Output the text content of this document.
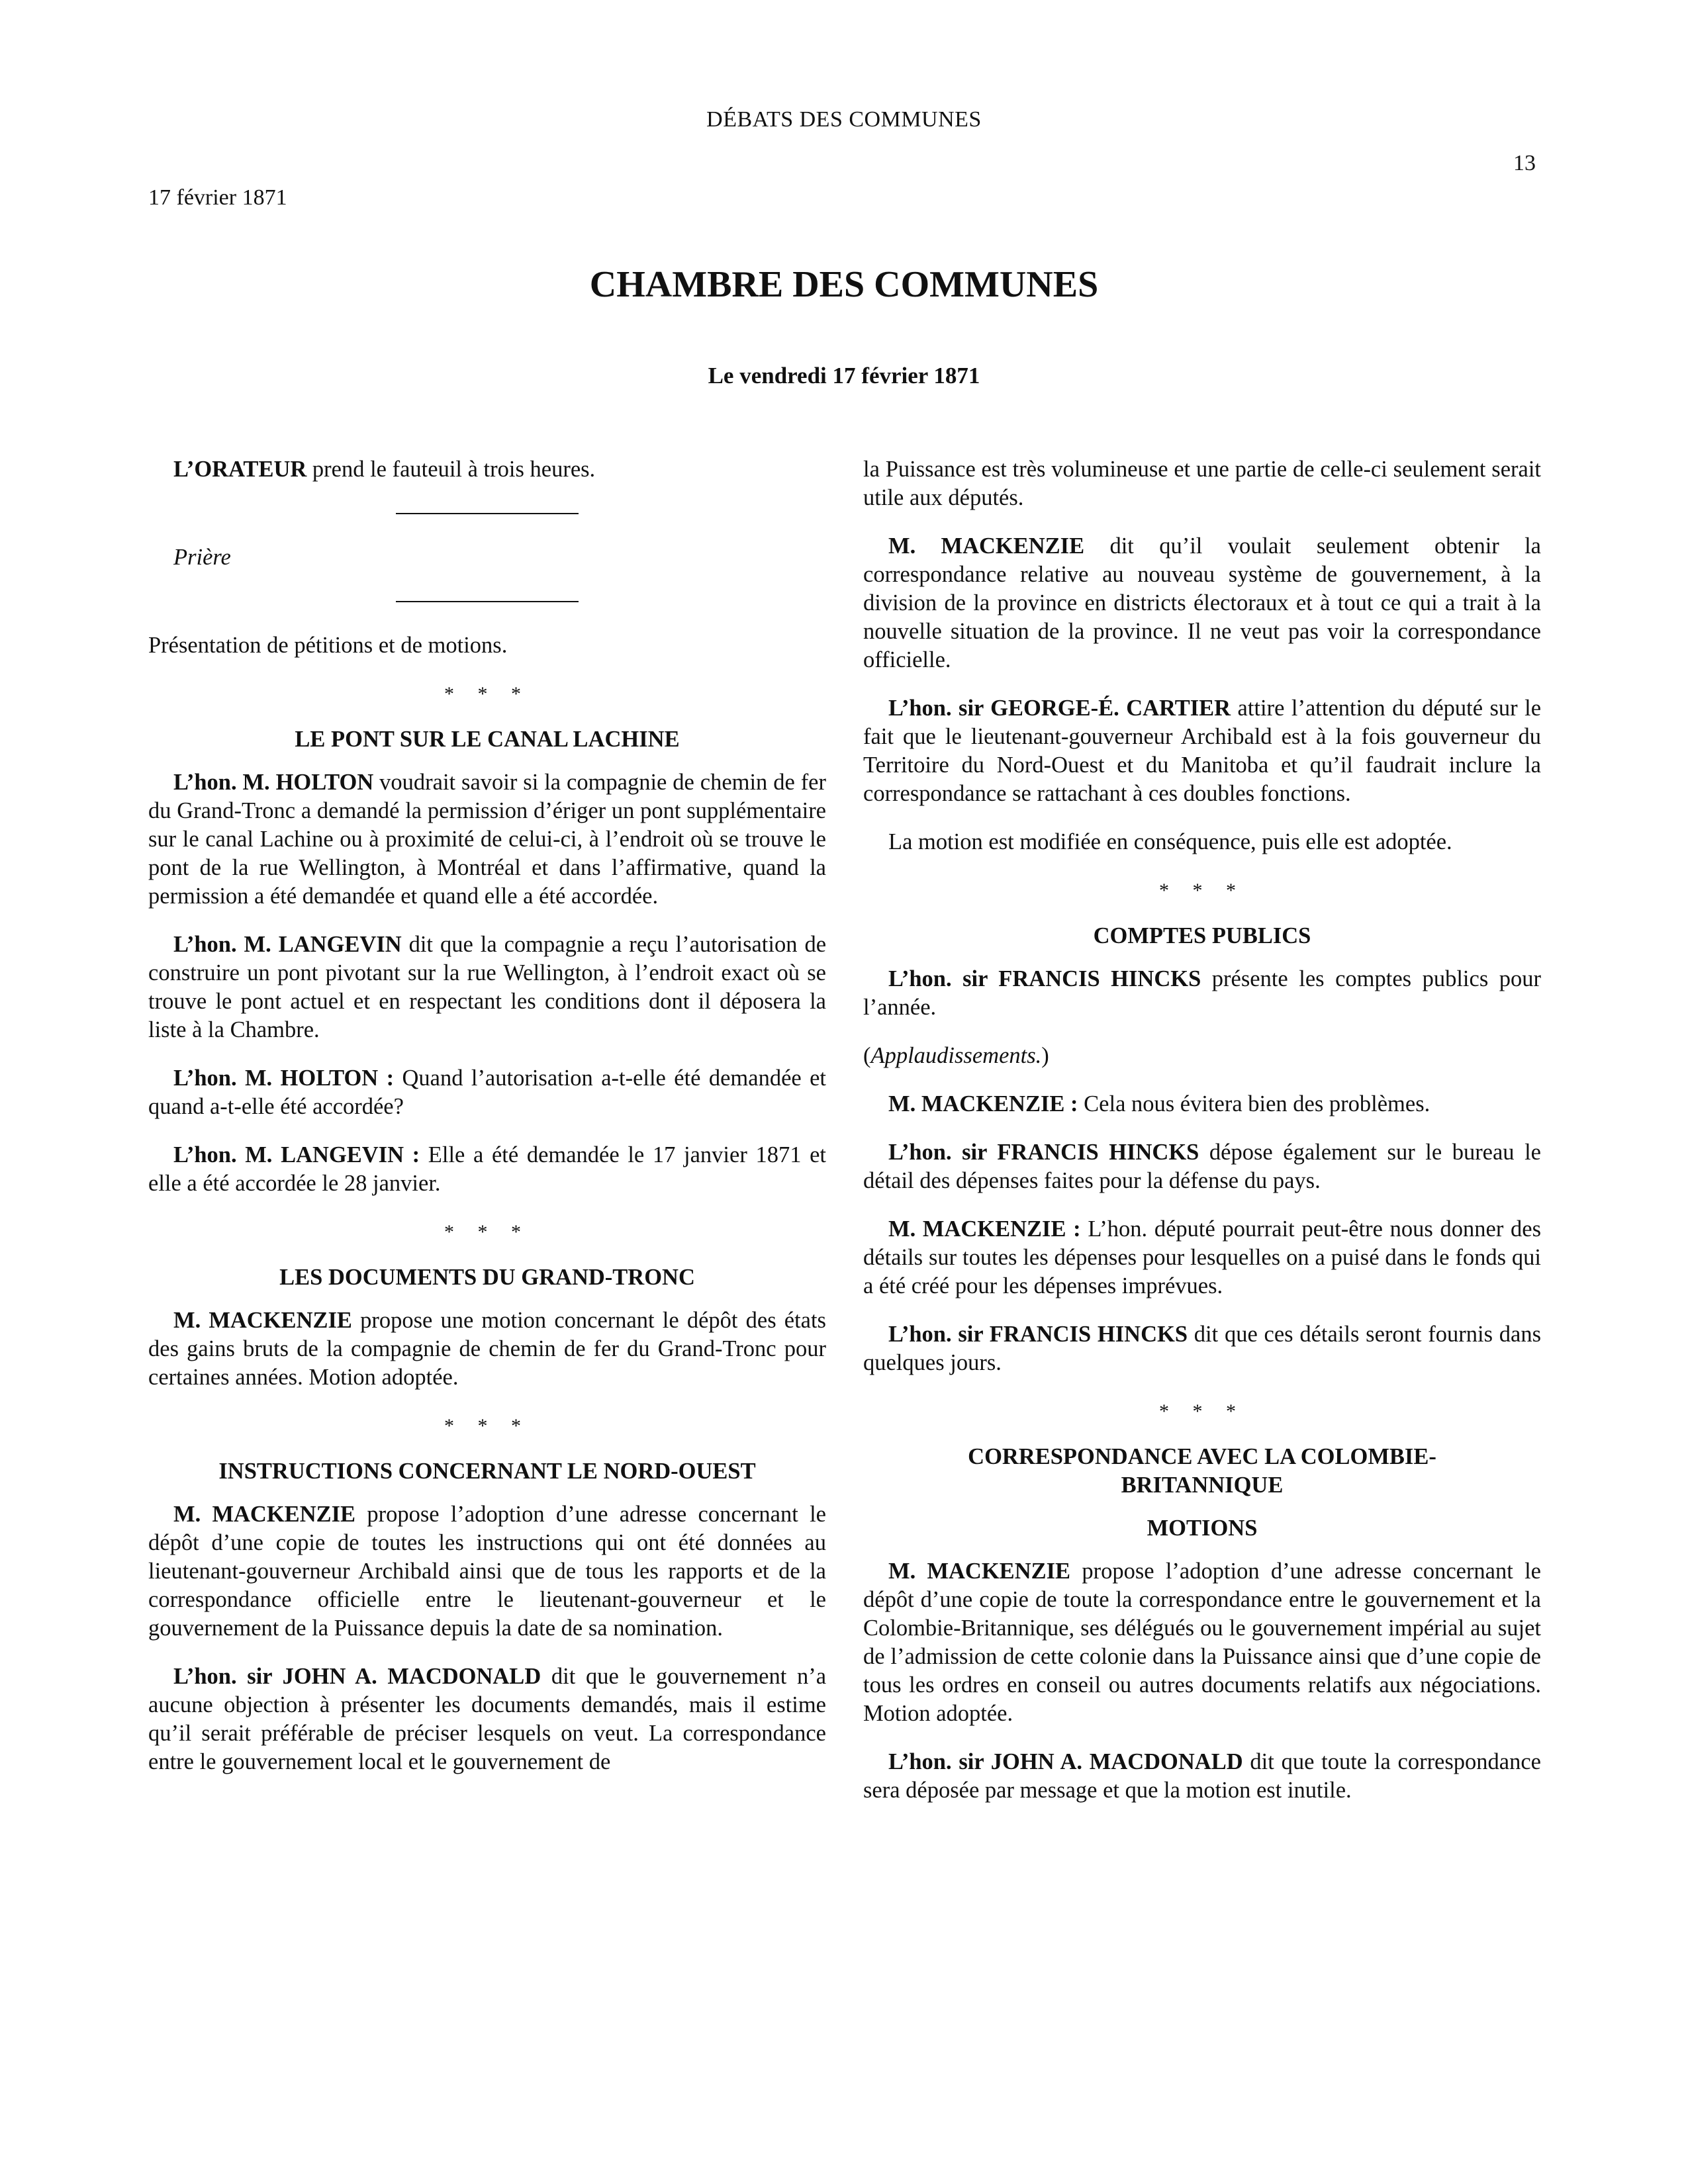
DÉBATS DES COMMUNES
13
17 février 1871
CHAMBRE DES COMMUNES
Le vendredi 17 février 1871

L’ORATEUR prend le fauteuil à trois heures.

Prière

Présentation de pétitions et de motions.

* * *
LE PONT SUR LE CANAL LACHINE

L’hon. M. HOLTON voudrait savoir si la compagnie de chemin de fer du Grand-Tronc a demandé la permission d’ériger un pont supplémentaire sur le canal Lachine ou à proximité de celui-ci, à l’endroit où se trouve le pont de la rue Wellington, à Montréal et dans l’affirmative, quand la permission a été demandée et quand elle a été accordée.

L’hon. M. LANGEVIN dit que la compagnie a reçu l’autorisation de construire un pont pivotant sur la rue Wellington, à l’endroit exact où se trouve le pont actuel et en respectant les conditions dont il déposera la liste à la Chambre.

L’hon. M. HOLTON : Quand l’autorisation a-t-elle été demandée et quand a-t-elle été accordée?

L’hon. M. LANGEVIN : Elle a été demandée le 17 janvier 1871 et elle a été accordée le 28 janvier.

* * *
LES DOCUMENTS DU GRAND-TRONC

M. MACKENZIE propose une motion concernant le dépôt des états des gains bruts de la compagnie de chemin de fer du Grand-Tronc pour certaines années. Motion adoptée.

* * *
INSTRUCTIONS CONCERNANT LE NORD-OUEST

M. MACKENZIE propose l’adoption d’une adresse concernant le dépôt d’une copie de toutes les instructions qui ont été données au lieutenant-gouverneur Archibald ainsi que de tous les rapports et de la correspondance officielle entre le lieutenant-gouverneur et le gouvernement de la Puissance depuis la date de sa nomination.

L’hon. sir JOHN A. MACDONALD dit que le gouvernement n’a aucune objection à présenter les documents demandés, mais il estime qu’il serait préférable de préciser lesquels on veut. La correspondance entre le gouvernement local et le gouvernement de

la Puissance est très volumineuse et une partie de celle-ci seulement serait utile aux députés.

M. MACKENZIE dit qu’il voulait seulement obtenir la correspondance relative au nouveau système de gouvernement, à la division de la province en districts électoraux et à tout ce qui a trait à la nouvelle situation de la province. Il ne veut pas voir la correspondance officielle.

L’hon. sir GEORGE-É. CARTIER attire l’attention du député sur le fait que le lieutenant-gouverneur Archibald est à la fois gouverneur du Territoire du Nord-Ouest et du Manitoba et qu’il faudrait inclure la correspondance se rattachant à ces doubles fonctions.

La motion est modifiée en conséquence, puis elle est adoptée.

* * *
COMPTES PUBLICS

L’hon. sir FRANCIS HINCKS présente les comptes publics pour l’année.

(Applaudissements.)

M. MACKENZIE : Cela nous évitera bien des problèmes.

L’hon. sir FRANCIS HINCKS dépose également sur le bureau le détail des dépenses faites pour la défense du pays.

M. MACKENZIE : L’hon. député pourrait peut-être nous donner des détails sur toutes les dépenses pour lesquelles on a puisé dans le fonds qui a été créé pour les dépenses imprévues.

L’hon. sir FRANCIS HINCKS dit que ces détails seront fournis dans quelques jours.

* * *
CORRESPONDANCE AVEC LA COLOMBIE-BRITANNIQUE
MOTIONS

M. MACKENZIE propose l’adoption d’une adresse concernant le dépôt d’une copie de toute la correspondance entre le gouvernement et la Colombie-Britannique, ses délégués ou le gouvernement impérial au sujet de l’admission de cette colonie dans la Puissance ainsi que d’une copie de tous les ordres en conseil ou autres documents relatifs aux négociations. Motion adoptée.

L’hon. sir JOHN A. MACDONALD dit que toute la correspondance sera déposée par message et que la motion est inutile.
